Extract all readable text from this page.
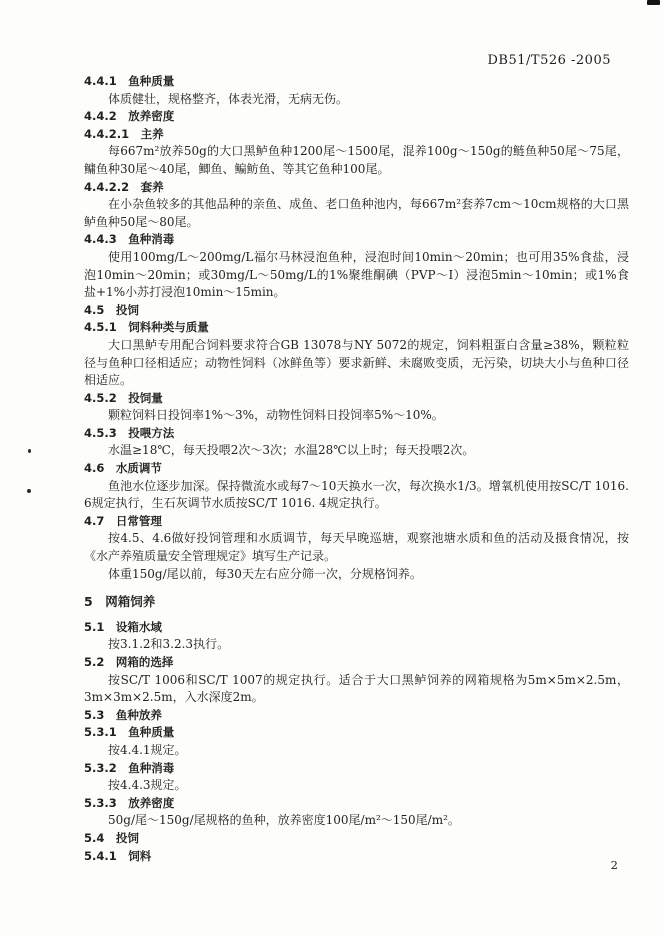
DB51/T526 -2005
4.4.1　鱼种质量
体质健壮，规格整齐，体表光滑，无病无伤。
4.4.2　放养密度
4.4.2.1　主养
每667m²放养50g的大口黑鲈鱼种1200尾～1500尾，混养100g～150g的鲢鱼种50尾～75尾，鳙鱼种30尾～40尾，鲫鱼、鳊鲂鱼、等其它鱼种100尾。
4.4.2.2　套养
在小杂鱼较多的其他品种的亲鱼、成鱼、老口鱼种池内，每667m²套养7cm～10cm规格的大口黑鲈鱼种50尾～80尾。
4.4.3　鱼种消毒
使用100mg/L～200mg/L福尔马林浸泡鱼种，浸泡时间10min～20min；也可用35%食盐，浸泡10min～20min；或30mg/L～50mg/L的1%聚维酮碘（PVP～I）浸泡5min～10min；或1%食盐+1%小苏打浸泡10min～15min。
4.5　投饲
4.5.1　饲料种类与质量
大口黑鲈专用配合饲料要求符合GB 13078与NY 5072的规定，饲料粗蛋白含量≥38%，颗粒粒径与鱼种口径相适应；动物性饲料（冰鲜鱼等）要求新鲜、未腐败变质，无污染，切块大小与鱼种口径相适应。
4.5.2　投饲量
颗粒饲料日投饲率1%～3%，动物性饲料日投饲率5%～10%。
4.5.3　投喂方法
水温≥18℃，每天投喂2次～3次；水温28℃以上时；每天投喂2次。
4.6　水质调节
鱼池水位逐步加深。保持微流水或每7～10天换水一次，每次换水1/3。增氧机使用按SC/T 1016. 6规定执行，生石灰调节水质按SC/T 1016. 4规定执行。
4.7　日常管理
按4.5、4.6做好投饲管理和水质调节，每天早晚巡塘，观察池塘水质和鱼的活动及摄食情况，按《水产养殖质量安全管理规定》填写生产记录。
体重150g/尾以前，每30天左右应分筛一次，分规格饲养。
5　网箱饲养
5.1　设箱水域
按3.1.2和3.2.3执行。
5.2　网箱的选择
按SC/T 1006和SC/T 1007的规定执行。适合于大口黑鲈饲养的网箱规格为5m×5m×2.5m，3m×3m×2.5m，入水深度2m。
5.3　鱼种放养
5.3.1　鱼种质量
按4.4.1规定。
5.3.2　鱼种消毒
按4.4.3规定。
5.3.3　放养密度
50g/尾～150g/尾规格的鱼种，放养密度100尾/m²～150尾/m²。
5.4　投饲
5.4.1　饲料
2
